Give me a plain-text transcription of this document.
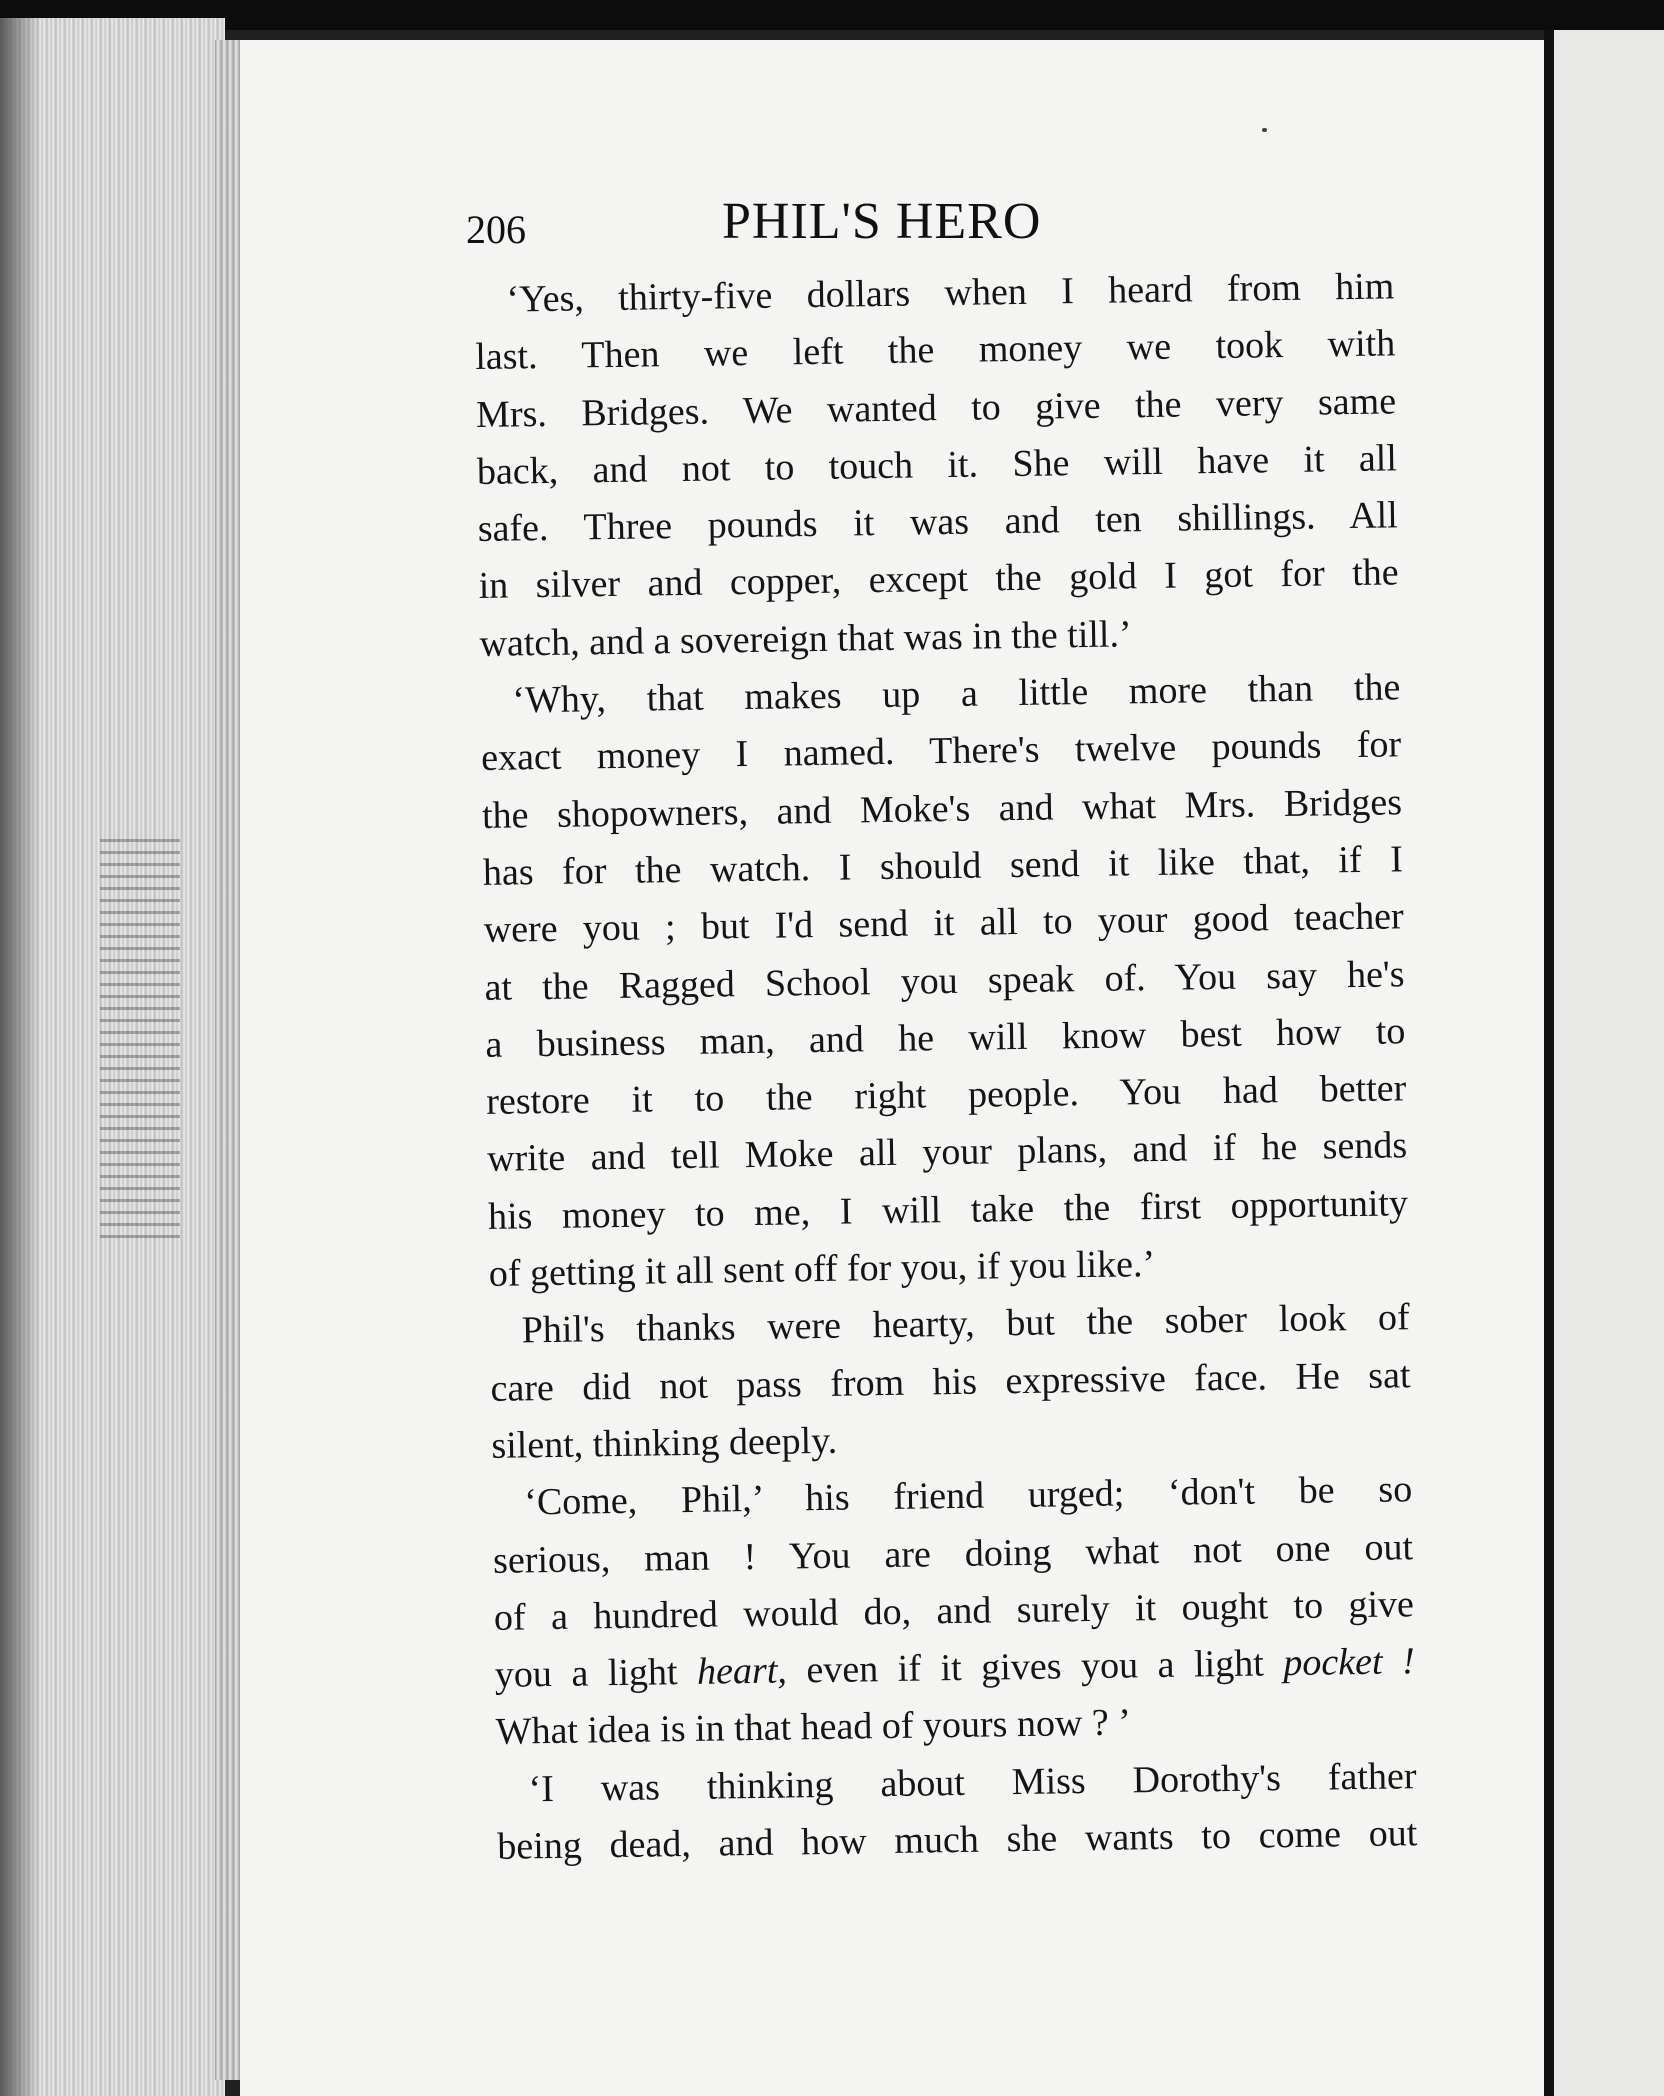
206	PHIL'S HERO
‘Yes, thirty-five dollars when I heard from him
last. Then we left the money we took with
Mrs. Bridges. We wanted to give the very same
back, and not to touch it. She will have it all
safe. Three pounds it was and ten shillings. All
in silver and copper, except the gold I got for the
watch, and a sovereign that was in the till.’
‘Why, that makes up a little more than the
exact money I named. There's twelve pounds for
the shopowners, and Moke's and what Mrs. Bridges
has for the watch. I should send it like that, if I
were you ; but I'd send it all to your good teacher
at the Ragged School you speak of. You say he's
a business man, and he will know best how to
restore it to the right people. You had better
write and tell Moke all your plans, and if he sends
his money to me, I will take the first opportunity
of getting it all sent off for you, if you like.’
Phil's thanks were hearty, but the sober look of
care did not pass from his expressive face. He sat
silent, thinking deeply.
‘Come, Phil,’ his friend urged; ‘don't be so
serious, man ! You are doing what not one out
of a hundred would do, and surely it ought to give
you a light heart, even if it gives you a light pocket !
What idea is in that head of yours now ? ’
‘I was thinking about Miss Dorothy's father
being dead, and how much she wants to come out
